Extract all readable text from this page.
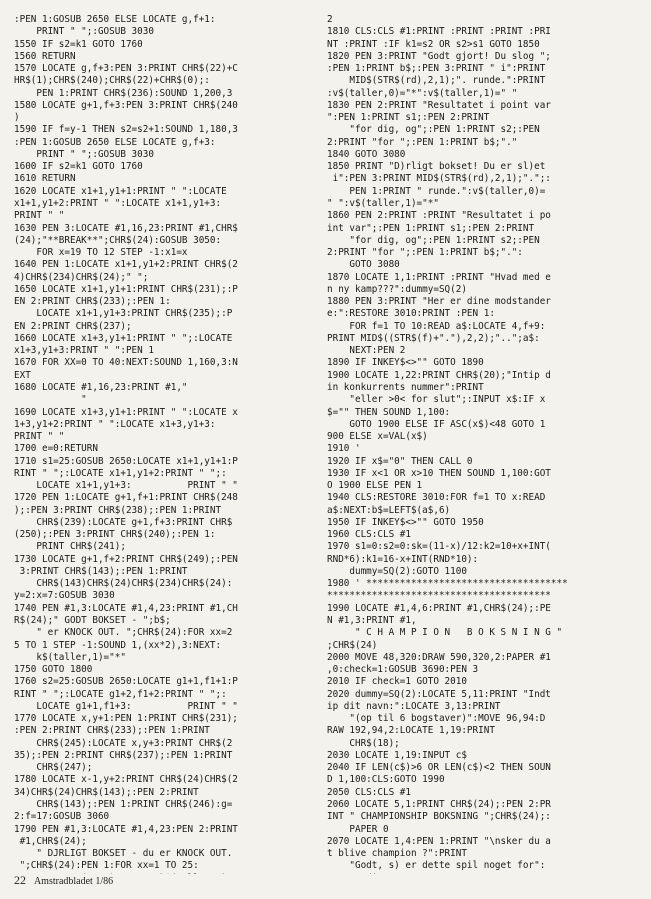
:PEN 1:GOSUB 2650 ELSE LOCATE g,f+1:
PRINT " ";:GOSUB 3030
1550 IF s2=k1 GOTO 1760
1560 RETURN
1570 LOCATE g,f+3:PEN 3:PRINT CHR$(22)+C
HR$(1);CHR$(240);CHR$(22)+CHR$(0);:
PEN 1:PRINT CHR$(236):SOUND 1,200,3
1580 LOCATE g+1,f+3:PEN 3:PRINT CHR$(240
)
1590 IF f=y-1 THEN s2=s2+1:SOUND 1,180,3
:PEN 1:GOSUB 2650 ELSE LOCATE g,f+3:
PRINT " ";:GOSUB 3030
1600 IF s2=k1 GOTO 1760
1610 RETURN
1620 LOCATE x1+1,y1+1:PRINT " ":LOCATE
x1+1,y1+2:PRINT " ":LOCATE x1+1,y1+3:
PRINT " "
1630 PEN 3:LOCATE #1,16,23:PRINT #1,CHR$
(24);"**BREAK**";CHR$(24):GOSUB 3050:
FOR x=19 TO 12 STEP -1:x1=x
1640 PEN 1:LOCATE x1+1,y1+2:PRINT CHR$(2
4)CHR$(234)CHR$(24);" ";
1650 LOCATE x1+1,y1+1:PRINT CHR$(231);:P
EN 2:PRINT CHR$(233);:PEN 1:
LOCATE x1+1,y1+3:PRINT CHR$(235);:P
EN 2:PRINT CHR$(237);
1660 LOCATE x1+3,y1+1:PRINT " ";:LOCATE
x1+3,y1+3:PRINT " ":PEN 1
1670 FOR XX=0 TO 40:NEXT:SOUND 1,160,3:N
EXT
1680 LOCATE #1,16,23:PRINT #1,"
"
1690 LOCATE x1+3,y1+1:PRINT " ":LOCATE x
1+3,y1+2:PRINT " ":LOCATE x1+3,y1+3:
PRINT " "
1700 e=0:RETURN
1710 s1=25:GOSUB 2650:LOCATE x1+1,y1+1:P
RINT " ";:LOCATE x1+1,y1+2:PRINT " ";:
LOCATE x1+1,y1+3:          PRINT " "
1720 PEN 1:LOCATE g+1,f+1:PRINT CHR$(248
);:PEN 3:PRINT CHR$(238);:PEN 1:PRINT
CHR$(239):LOCATE g+1,f+3:PRINT CHR$
(250);:PEN 3:PRINT CHR$(240);:PEN 1:
PRINT CHR$(241);
1730 LOCATE g+1,f+2:PRINT CHR$(249);:PEN
3:PRINT CHR$(143);:PEN 1:PRINT
CHR$(143)CHR$(24)CHR$(234)CHR$(24):
y=2:x=7:GOSUB 3030
1740 PEN #1,3:LOCATE #1,4,23:PRINT #1,CH
R$(24);" GODT BOKSET - ";b$;
" er KNOCK OUT. ";CHR$(24):FOR xx=2
5 TO 1 STEP -1:SOUND 1,(xx*2),3:NEXT:
k$(taller,1)="*"
1750 GOTO 1800
1760 s2=25:GOSUB 2650:LOCATE g1+1,f1+1:P
RINT " ";:LOCATE g1+2,f1+2:PRINT " ";:
LOCATE g1+1,f1+3:          PRINT " "
1770 LOCATE x,y+1:PEN 1:PRINT CHR$(231);
:PEN 2:PRINT CHR$(233);:PEN 1:PRINT
CHR$(245):LOCATE x,y+3:PRINT CHR$(2
35);:PEN 2:PRINT CHR$(237);:PEN 1:PRINT
CHR$(247);
1780 LOCATE x-1,y+2:PRINT CHR$(24)CHR$(2
34)CHR$(24)CHR$(143);:PEN 2:PRINT
CHR$(143);:PEN 1:PRINT CHR$(246):g=
2:f=17:GOSUB 3060
1790 PEN #1,3:LOCATE #1,4,23:PEN 2:PRINT
#1,CHR$(24);
" DJRLIGT BOKSET - du er KNOCK OUT.
";CHR$(24):PEN 1:FOR xx=1 TO 25:
2
1810 CLS:CLS #1:PRINT :PRINT :PRINT :PRI
NT :PRINT :IF k1=s2 OR s2>s1 GOTO 1850
1820 PEN 3:PRINT "Godt gjort! Du slog ";
:PEN 1:PRINT b$;:PEN 3:PRINT " i":PRINT
MID$(STR$(rd),2,1);". runde.":PRINT
:v$(taller,0)="*":v$(taller,1)=" "
1830 PEN 2:PRINT "Resultatet i point var
":PEN 1:PRINT s1;:PEN 2:PRINT
"for dig, og";:PEN 1:PRINT s2;:PEN
2:PRINT "for ";:PEN 1:PRINT b$;"."
1840 GOTO 3080
1850 PRINT "D)rligt bokset! Du er sl)et
i":PEN 3:PRINT MID$(STR$(rd),2,1);".";:
PEN 1:PRINT " runde.":v$(taller,0)=
" ":v$(taller,1)="*"
1860 PEN 2:PRINT :PRINT "Resultatet i po
int var";:PEN 1:PRINT s1;:PEN 2:PRINT
"for dig, og";:PEN 1:PRINT s2;:PEN
2:PRINT "for ";:PEN 1:PRINT b$;".":
GOTO 3080
1870 LOCATE 1,1:PRINT :PRINT "Hvad med e
n ny kamp???":dummy=SQ(2)
1880 PEN 3:PRINT "Her er dine modstander
e:":RESTORE 3010:PRINT :PEN 1:
FOR f=1 TO 10:READ a$:LOCATE 4,f+9:
PRINT MID$((STR$(f)+"."),2,2);"..";a$:
NEXT:PEN 2
1890 IF INKEY$<>"" GOTO 1890
1900 LOCATE 1,22:PRINT CHR$(20);"Intip d
in konkurrents nummer":PRINT
"eller >0< for slut";:INPUT x$:IF x
$="" THEN SOUND 1,100:
GOTO 1900 ELSE IF ASC(x$)<48 GOTO 1
900 ELSE x=VAL(x$)
1910 '
1920 IF x$="0" THEN CALL 0
1930 IF x<1 OR x>10 THEN SOUND 1,100:GOT
O 1900 ELSE PEN 1
1940 CLS:RESTORE 3010:FOR f=1 TO x:READ
a$:NEXT:b$=LEFT$(a$,6)
1950 IF INKEY$<>"" GOTO 1950
1960 CLS:CLS #1
1970 s1=0:s2=0:sk=(11-x)/12:k2=10+x+INT(
RND*6):k1=16-x+INT(RND*10):
dummy=SQ(2):GOTO 1100
1980 ' ************************************
****************************************
1990 LOCATE #1,4,6:PRINT #1,CHR$(24);:PE
N #1,3:PRINT #1,
" C H A M P I O N   B O K S N I N G "
;CHR$(24)
2000 MOVE 48,320:DRAW 590,320,2:PAPER #1
,0:check=1:GOSUB 3690:PEN 3
2010 IF check=1 GOTO 2010
2020 dummy=SQ(2):LOCATE 5,11:PRINT "Indt
ip dit navn:":LOCATE 3,13:PRINT
"(op til 6 bogstaver)":MOVE 96,94:D
RAW 192,94,2:LOCATE 1,19:PRINT
CHR$(18);
2030 LOCATE 1,19:INPUT c$
2040 IF LEN(c$)>6 OR LEN(c$)<2 THEN SOUN
D 1,100:CLS:GOTO 1990
2050 CLS:CLS #1
2060 LOCATE 5,1:PRINT CHR$(24);:PEN 2:PR
INT " CHAMPIONSHIP BOKSNING ";CHR$(24);:
PAPER 0
2070 LOCATE 1,4:PEN 1:PRINT "\nsker du a
t blive champion ?":PRINT
"Godt, s) er dette spil noget for":
22 Amstradbladet 1/86
